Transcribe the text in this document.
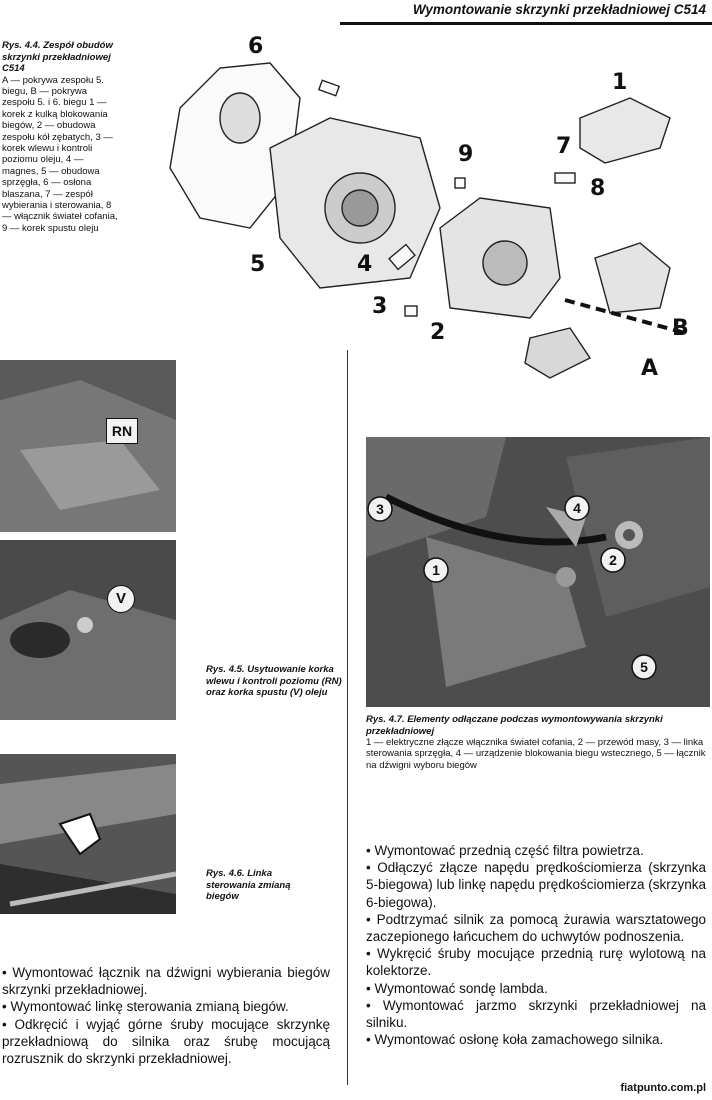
Wymontowanie skrzynki przekładniowej C514
Rys. 4.4. Zespół obudów skrzynki przekładniowej C514
A — pokrywa zespołu 5. biegu, B — pokrywa zespołu 5. i 6. biegu 1 — korek z kulką blokowania biegów, 2 — obudowa zespołu kół zębatych, 3 — korek wlewu i kontroli poziomu oleju, 4 — magnes, 5 — obudowa sprzęgła, 6 — osłona blaszana, 7 — zespół wybierania i sterowania, 8 — włącznik świateł cofania, 9 — korek spustu oleju
6
1
7
9
8
4
5
3
2	B
A
RN
V
Rys. 4.5. Usytuowanie korka wlewu i kontroli poziomu (RN) oraz korka spustu (V) oleju
Rys. 4.6. Linka sterowania zmianą biegów
3	4
1
2
5
Rys. 4.7. Elementy odłączane podczas wymontowywania skrzynki przekładniowej
1 — elektryczne złącze włącznika świateł cofania, 2 — przewód masy, 3 — linka sterowania sprzęgła, 4 — urządzenie blokowania biegu wstecznego, 5 — łącznik na dźwigni wyboru biegów

• Wymontować łącznik na dźwigni wybierania biegów skrzynki przekładniowej.

• Wymontować linkę sterowania zmianą biegów.

• Odkręcić i wyjąć górne śruby mocujące skrzynkę przekładniową do silnika oraz śrubę mocującą rozrusznik do skrzynki przekładniowej.

• Wymontować przednią część filtra powietrza.

• Odłączyć złącze napędu prędkościomierza (skrzynka 5-biegowa) lub linkę napędu prędkościomierza (skrzynka 6-biegowa).

• Podtrzymać silnik za pomocą żurawia warsztatowego zaczepionego łańcuchem do uchwytów podnoszenia.

• Wykręcić śruby mocujące przednią rurę wylotową na kolektorze.

• Wymontować sondę lambda.

• Wymontować jarzmo skrzynki przekładniowej na silniku.

• Wymontować osłonę koła zamachowego silnika.

fiatpunto.com.pl
